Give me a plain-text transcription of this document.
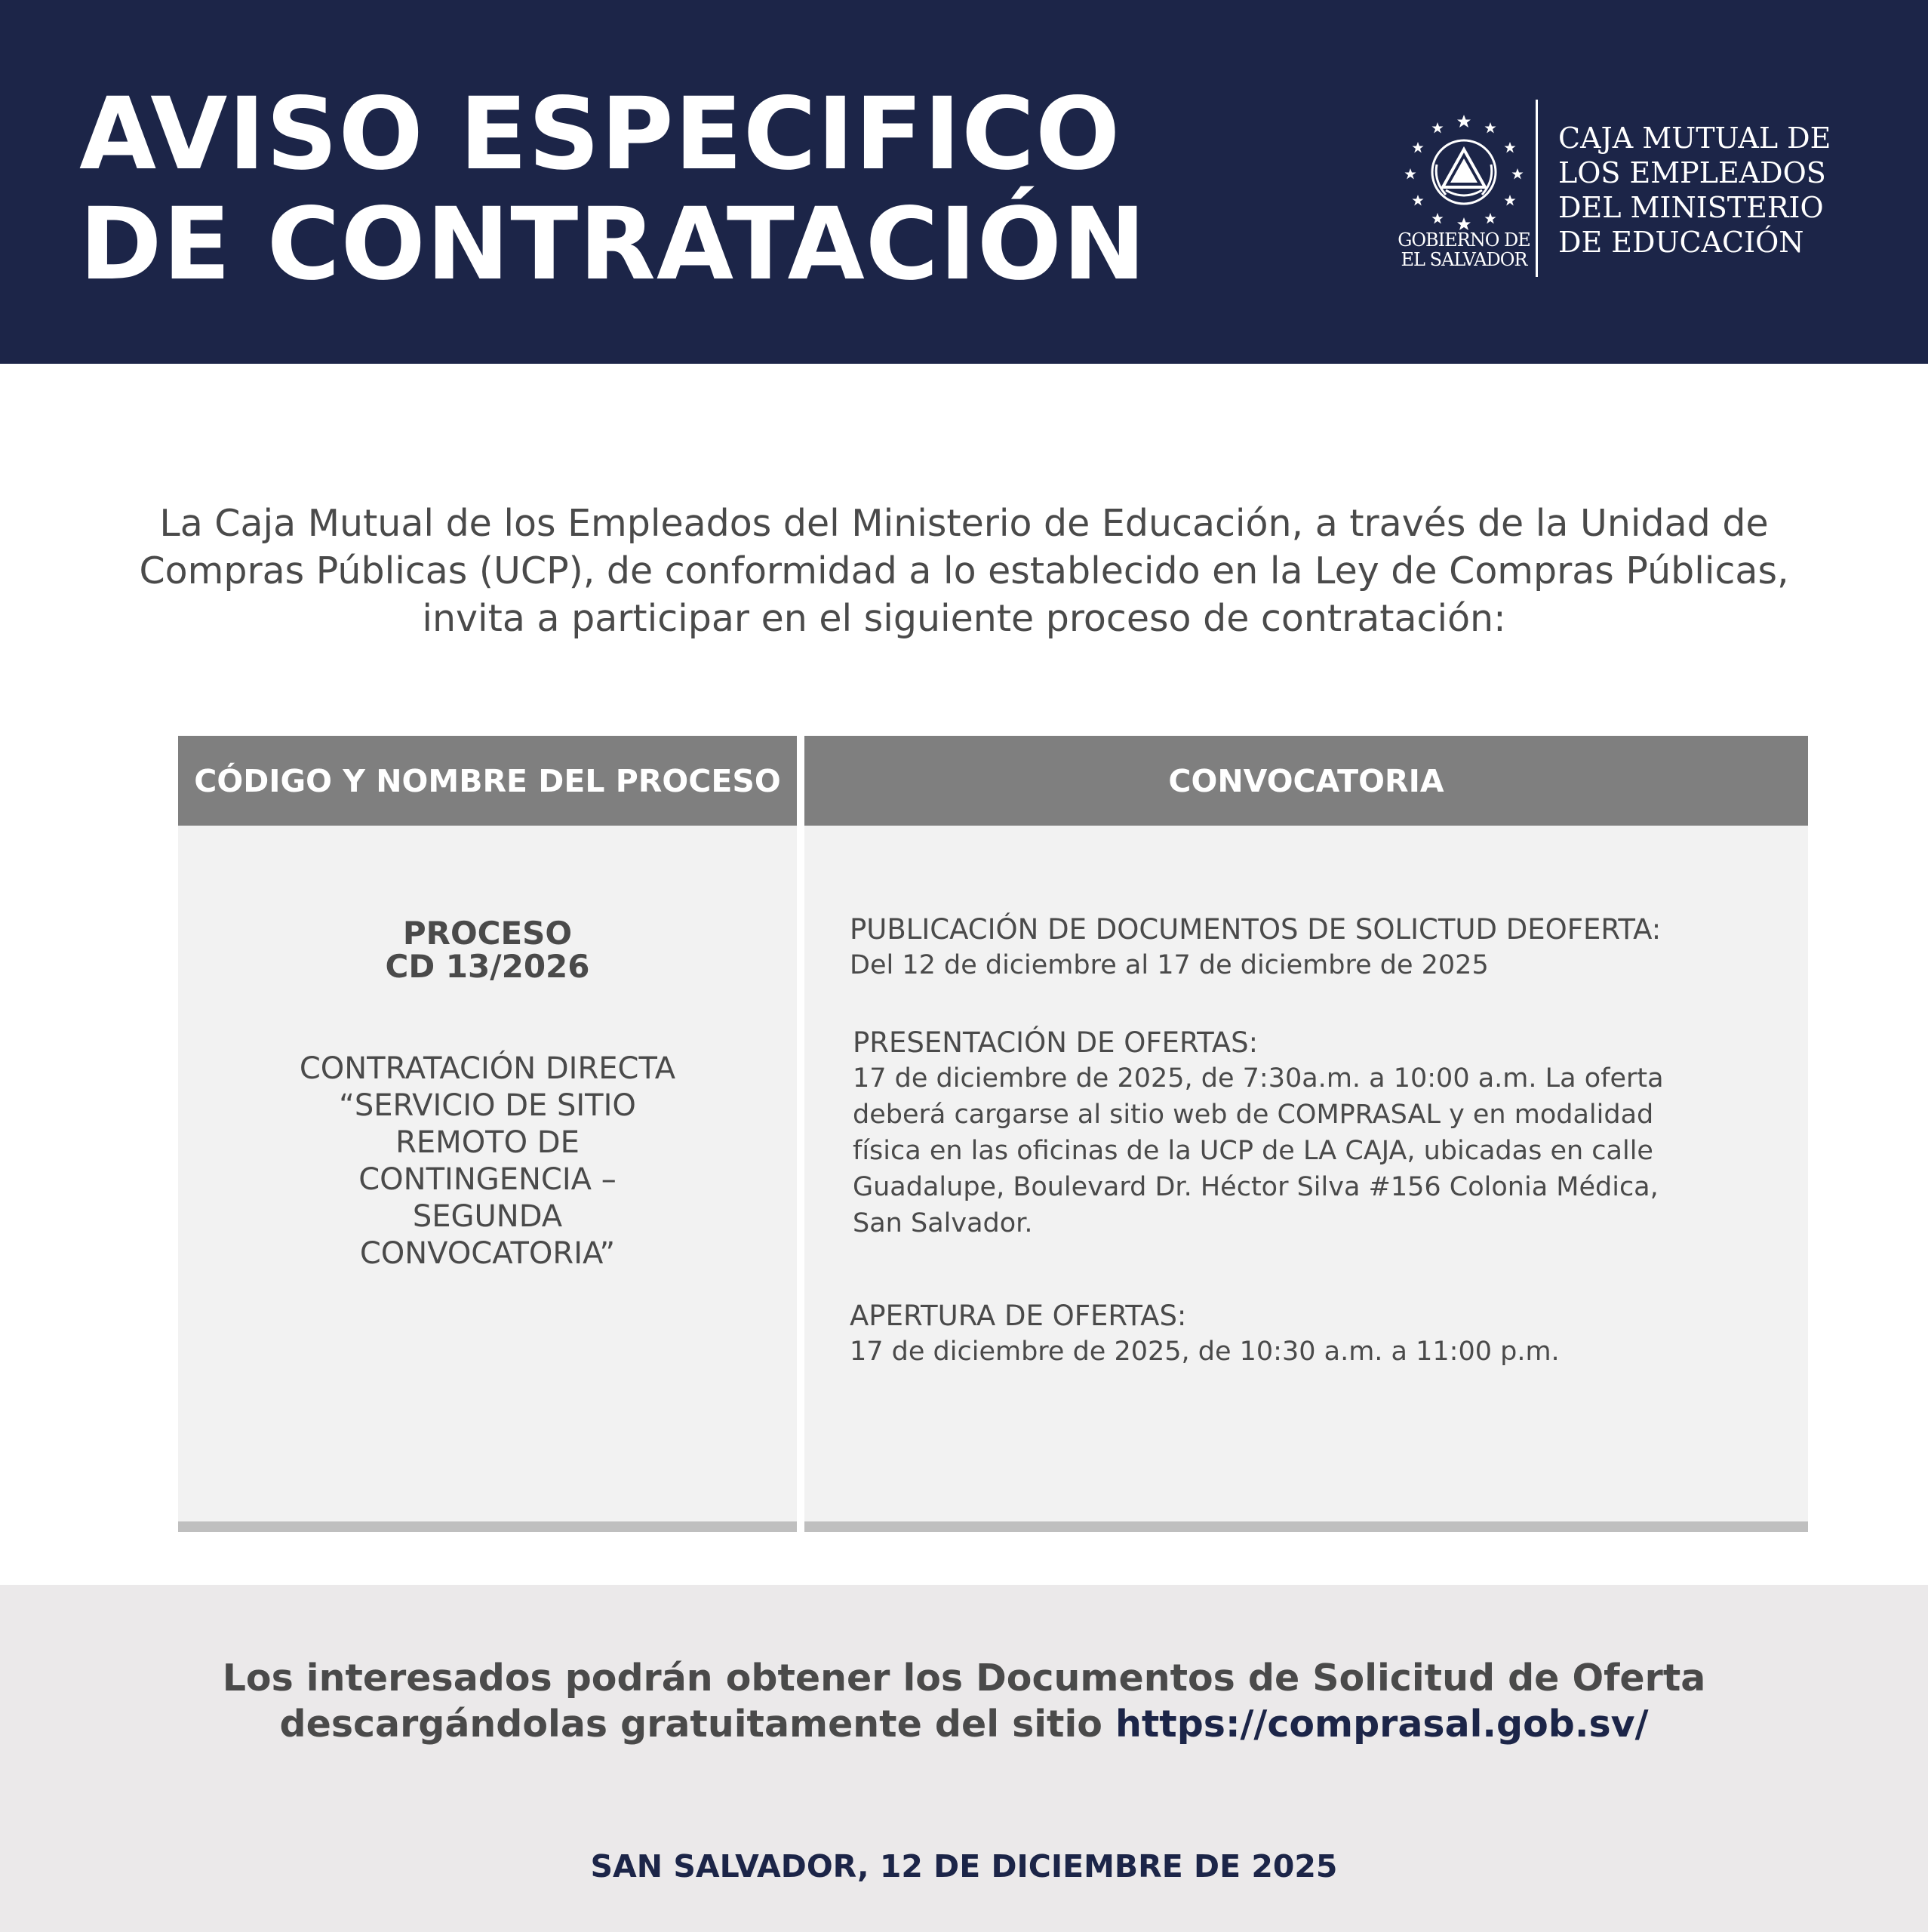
AVISO ESPECIFICO
DE CONTRATACIÓN	GOBIERNO DE
EL SALVADOR
CAJA MUTUAL DE
LOS EMPLEADOS
DEL MINISTERIO
DE EDUCACIÓN

La Caja Mutual de los Empleados del Ministerio de Educación, a través de la Unidad de
Compras Públicas (UCP), de conformidad a lo establecido en la Ley de Compras Públicas,
invita a participar en el siguiente proceso de contratación:

CÓDIGO Y NOMBRE DEL PROCESO	CONVOCATORIA
PROCESO
CD 13/2026
CONTRATACIÓN DIRECTA
“SERVICIO DE SITIO
REMOTO DE
CONTINGENCIA –
SEGUNDA
CONVOCATORIA”
PUBLICACIÓN DE DOCUMENTOS DE SOLICTUD DEOFERTA:
Del 12 de diciembre al 17 de diciembre de 2025
PRESENTACIÓN DE OFERTAS:
17 de diciembre de 2025, de 7:30a.m. a 10:00 a.m. La oferta
deberá cargarse al sitio web de COMPRASAL y en modalidad
física en las oficinas de la UCP de LA CAJA, ubicadas en calle
Guadalupe, Boulevard Dr. Héctor Silva #156 Colonia Médica,
San Salvador.
APERTURA DE OFERTAS:
17 de diciembre de 2025, de 10:30 a.m. a 11:00 p.m.

Los interesados podrán obtener los Documentos de Solicitud de Oferta
descargándolas gratuitamente del sitio https://comprasal.gob.sv/

SAN SALVADOR, 12 DE DICIEMBRE DE 2025
